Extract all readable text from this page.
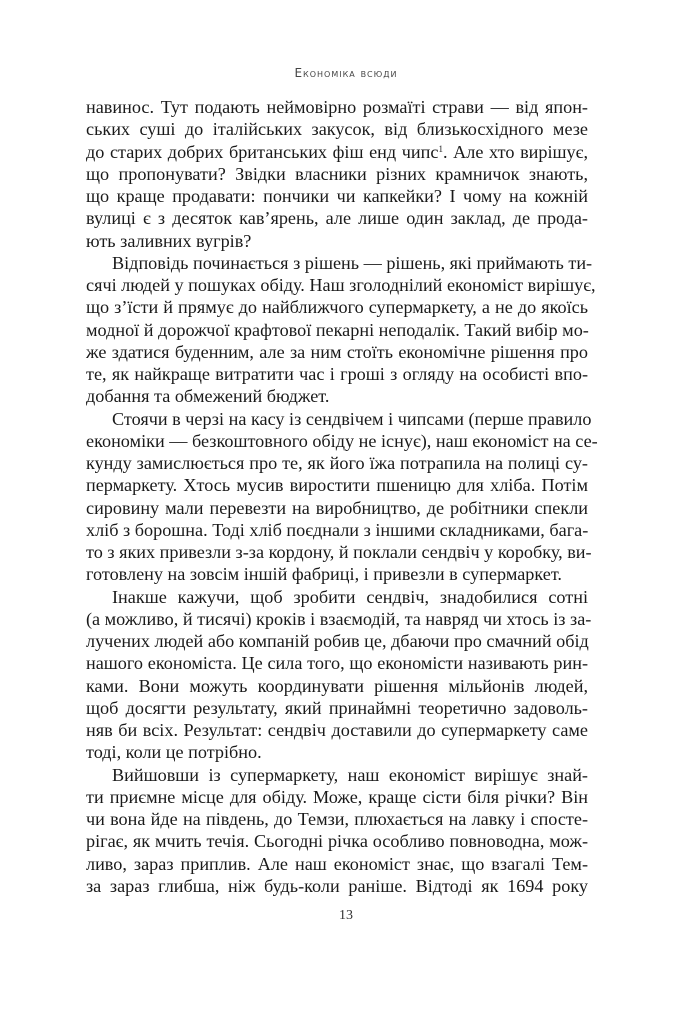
Економіка всюди
навинос. Тут подають неймовірно розмаїті страви — від япон-
ських суші до італійських закусок, від близькосхідного мезе
до старих добрих британських фіш енд чипс$^1$. Але хто вирішує,
що пропонувати? Звідки власники різних крамничок знають,
що краще продавати: пончики чи капкейки? І чому на кожній
вулиці є з десяток кав’ярень, але лише один заклад, де прода-
ють заливних вугрів?
Відповідь починається з рішень — рішень, які приймають ти-
сячі людей у пошуках обіду. Наш зголоднілий економіст вирішує,
що з’їсти й прямує до найближчого супермаркету, а не до якоїсь
модної й дорожчої крафтової пекарні неподалік. Такий вибір мо-
же здатися буденним, але за ним стоїть економічне рішення про
те, як найкраще витратити час і гроші з огляду на особисті впо-
добання та обмежений бюджет.
Стоячи в черзі на касу із сендвічем і чипсами (перше правило
економіки — безкоштовного обіду не існує), наш економіст на се-
кунду замислюється про те, як його їжа потрапила на полиці су-
пермаркету. Хтось мусив виростити пшеницю для хліба. Потім
сировину мали перевезти на виробництво, де робітники спекли
хліб з борошна. Тоді хліб поєднали з іншими складниками, бага-
то з яких привезли з-за кордону, й поклали сендвіч у коробку, ви-
готовлену на зовсім іншій фабриці, і привезли в супермаркет.
Інакше кажучи, щоб зробити сендвіч, знадобилися сотні
(а можливо, й тисячі) кроків і взаємодій, та навряд чи хтось із за-
лучених людей або компаній робив це, дбаючи про смачний обід
нашого економіста. Це сила того, що економісти називають рин-
ками. Вони можуть координувати рішення мільйонів людей,
щоб досягти результату, який принаймні теоретично задоволь-
няв би всіх. Результат: сендвіч доставили до супермаркету саме
тоді, коли це потрібно.
Вийшовши із супермаркету, наш економіст вирішує знай-
ти приємне місце для обіду. Може, краще сісти біля річки? Він
чи вона йде на південь, до Темзи, плюхається на лавку і спосте-
рігає, як мчить течія. Сьогодні річка особливо повноводна, мож-
ливо, зараз приплив. Але наш економіст знає, що взагалі Тем-
за зараз глибша, ніж будь-коли раніше. Відтоді як 1694 року
13
